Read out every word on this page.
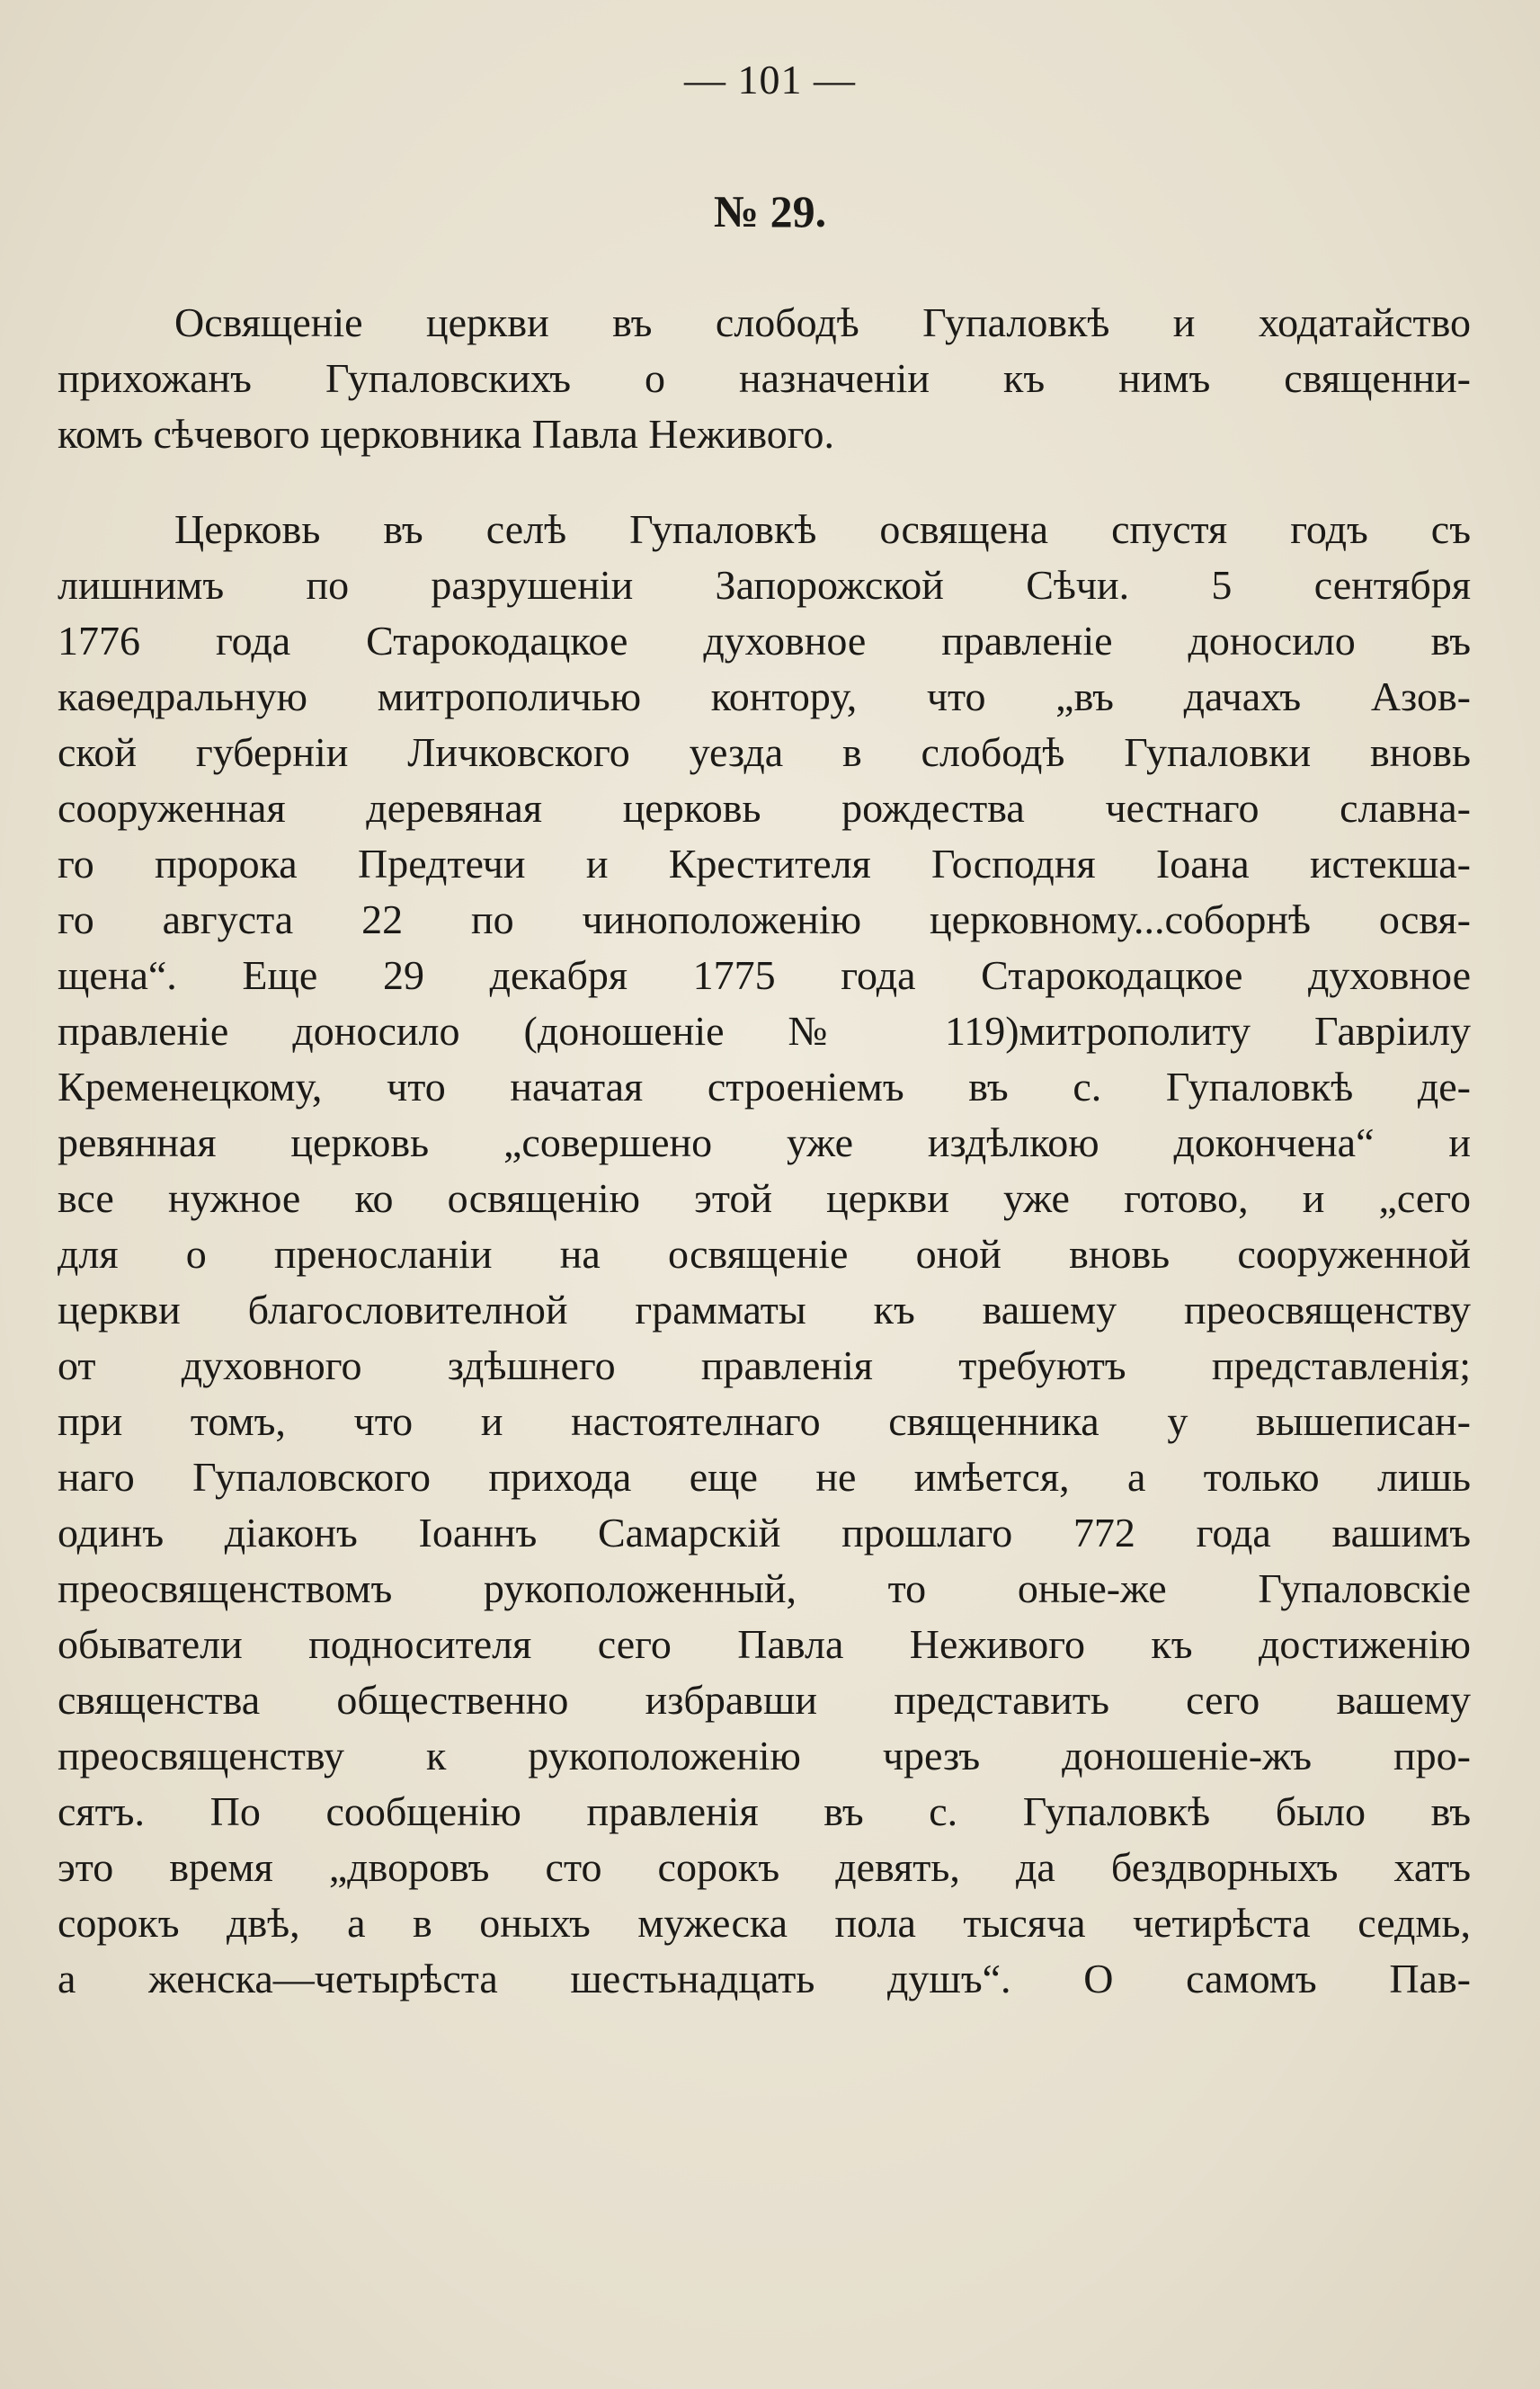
— 101 —
№ 29.
Освященіе церкви въ слободѣ Гупаловкѣ и ходатайство
прихожанъ Гупаловскихъ о назначеніи къ нимъ священни-
комъ сѣчевого церковника Павла Неживого.
Церковь въ селѣ Гупаловкѣ освящена спустя годъ съ
лишнимъ по разрушеніи Запорожской Сѣчи. 5 сентября
1776 года Старокодацкое духовное правленіе доносило въ
каѳедральную митрополичью контору, что „въ дачахъ Азов-
ской губерніи Личковского уезда в слободѣ Гупаловки вновь
сооруженная деревяная церковь рождества честнаго славна-
го пророка Предтечи и Крестителя Господня Іоана истекша-
го августа 22 по чиноположенію церковному...соборнѣ освя-
щена“. Еще 29 декабря 1775 года Старокодацкое духовное
правленіе доносило (доношеніе № 119)митрополиту Гавріилу
Кременецкому, что начатая строеніемъ въ с. Гупаловкѣ де-
ревянная церковь „совершено уже издѣлкою докончена“ и
все нужное ко освященію этой церкви уже готово, и „сего
для о преносланіи на освященіе оной вновь сооруженной
церкви благословителной грамматы къ вашему преосвященству
от духовного здѣшнего правленія требуютъ представленія;
при томъ, что и настоятелнаго священника у вышеписан-
наго Гупаловского прихода еще не имѣется, а только лишь
одинъ діаконъ Іоаннъ Самарскій прошлаго 772 года вашимъ
преосвященствомъ рукоположенный, то оные-же Гупаловскіе
обыватели подносителя сего Павла Неживого къ достиженію
священства общественно избравши представить сего вашему
преосвященству к рукоположенію чрезъ доношеніе-жъ про-
сятъ. По сообщенію правленія въ с. Гупаловкѣ было въ
это время „дворовъ сто сорокъ девять, да бездворныхъ хатъ
сорокъ двѣ, а в оныхъ мужеска пола тысяча четирѣста седмь,
а женска—четырѣста шестьнадцать душъ“. О самомъ Пав-
